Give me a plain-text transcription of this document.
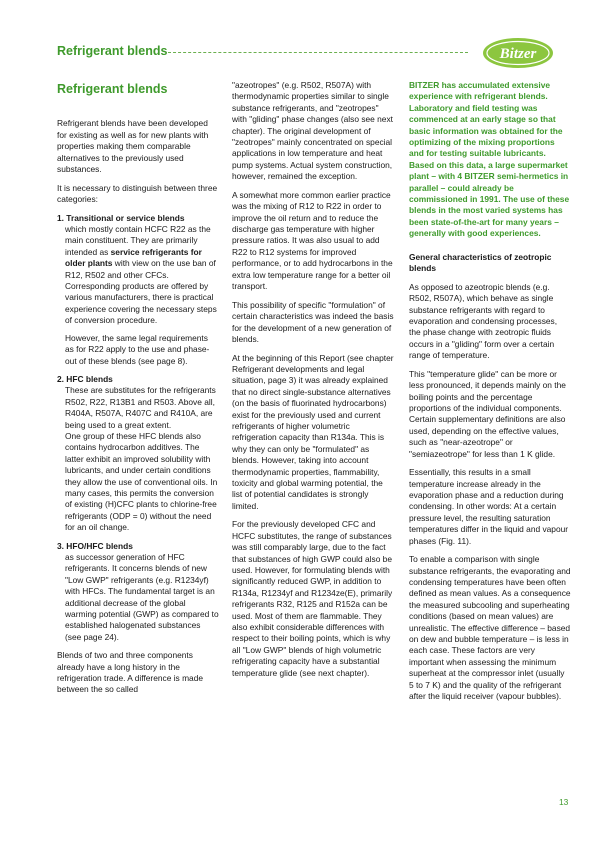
Refrigerant blends	Bitzer
Refrigerant blends

Refrigerant blends have been developed for existing as well as for new plants with properties making them comparable alternatives to the previously used substances.

It is necessary to distinguish between three categories:

1. Transitional or service blends

which mostly contain HCFC R22 as the main constituent. They are primarily intended as service refrigerants for older plants with view on the use ban of R12, R502 and other CFCs. Corresponding products are offered by various manufacturers, there is practical experience covering the necessary steps of conversion procedure.

However, the same legal requirements as for R22 apply to the use and phase-out of these blends (see page 8).

2. HFC blends

These are substitutes for the refrigerants R502, R22, R13B1 and R503. Above all, R404A, R507A, R407C and R410A, are being used to a great extent.

One group of these HFC blends also contains hydrocarbon additives. The latter exhibit an improved solubility with lubricants, and under certain conditions they allow the use of conventional oils. In many cases, this permits the conversion of existing (H)CFC plants to chlorine-free refrigerants (ODP = 0) without the need for an oil change.

3. HFO/HFC blends

as successor generation of HFC refrigerants. It concerns blends of new "Low GWP" refrigerants (e.g. R1234yf) with HFCs. The fundamental target is an additional decrease of the global warming potential (GWP) as compared to established halogenated substances (see page 24).

Blends of two and three components already have a long history in the refrigeration trade. A difference is made between the so called

"azeotropes" (e.g. R502, R507A) with thermodynamic properties similar to single substance refrigerants, and "zeotropes" with "gliding" phase changes (also see next chapter). The original development of "zeotropes" mainly concentrated on special applications in low temperature and heat pump systems. Actual system construction, however, remained the exception.

A somewhat more common earlier practice was the mixing of R12 to R22 in order to improve the oil return and to reduce the discharge gas temperature with higher pressure ratios. It was also usual to add R22 to R12 systems for improved performance, or to add hydrocarbons in the extra low temperature range for a better oil transport.

This possibility of specific "formulation" of certain characteristics was indeed the basis for the development of a new generation of blends.

At the beginning of this Report (see chapter Refrigerant developments and legal situation, page 3) it was already explained that no direct single-substance alternatives (on the basis of fluorinated hydrocarbons) exist for the previously used and current refrigerants of higher volumetric refrigeration capacity than R134a. This is why they can only be "formulated" as blends. However, taking into account thermodynamic properties, flammability, toxicity and global warming potential, the list of potential candidates is strongly limited.

For the previously developed CFC and HCFC substitutes, the range of substances was still comparably large, due to the fact that substances of high GWP could also be used. However, for formulating blends with significantly reduced GWP, in addition to R134a, R1234yf and R1234ze(E), primarily refrigerants R32, R125 and R152a can be used. Most of them are flammable. They also exhibit considerable differences with respect to their boiling points, which is why all "Low GWP" blends of high volumetric refrigerating capacity have a substantial temperature glide (see next chapter).

BITZER has accumulated extensive experience with refrigerant blends. Laboratory and field testing was commenced at an early stage so that basic information was obtained for the optimizing of the mixing proportions and for testing suitable lubricants. Based on this data, a large supermarket plant – with 4 BITZER semi-hermetics in parallel – could already be commissioned in 1991. The use of these blends in the most varied systems has been state-of-the-art for many years – generally with good experiences.

General characteristics of zeotropic blends

As opposed to azeotropic blends (e.g. R502, R507A), which behave as single substance refrigerants with regard to evaporation and condensing processes, the phase change with zeotropic fluids occurs in a "gliding" form over a certain range of temperature.

This "temperature glide" can be more or less pronounced, it depends mainly on the boiling points and the percentage proportions of the individual components. Certain supplementary definitions are also used, depending on the effective values, such as "near-azeotrope" or "semiazeotrope" for less than 1 K glide.

Essentially, this results in a small temperature increase already in the evaporation phase and a reduction during condensing. In other words: At a certain pressure level, the resulting saturation temperatures differ in the liquid and vapour phases (Fig. 11).

To enable a comparison with single substance refrigerants, the evaporating and condensing temperatures have been often defined as mean values. As a consequence the measured subcooling and superheating conditions (based on mean values) are unrealistic. The effective difference – based on dew and bubble temperature – is less in each case. These factors are very important when assessing the minimum superheat at the compressor inlet (usually 5 to 7 K) and the quality of the refrigerant after the liquid receiver (vapour bubbles).

13
